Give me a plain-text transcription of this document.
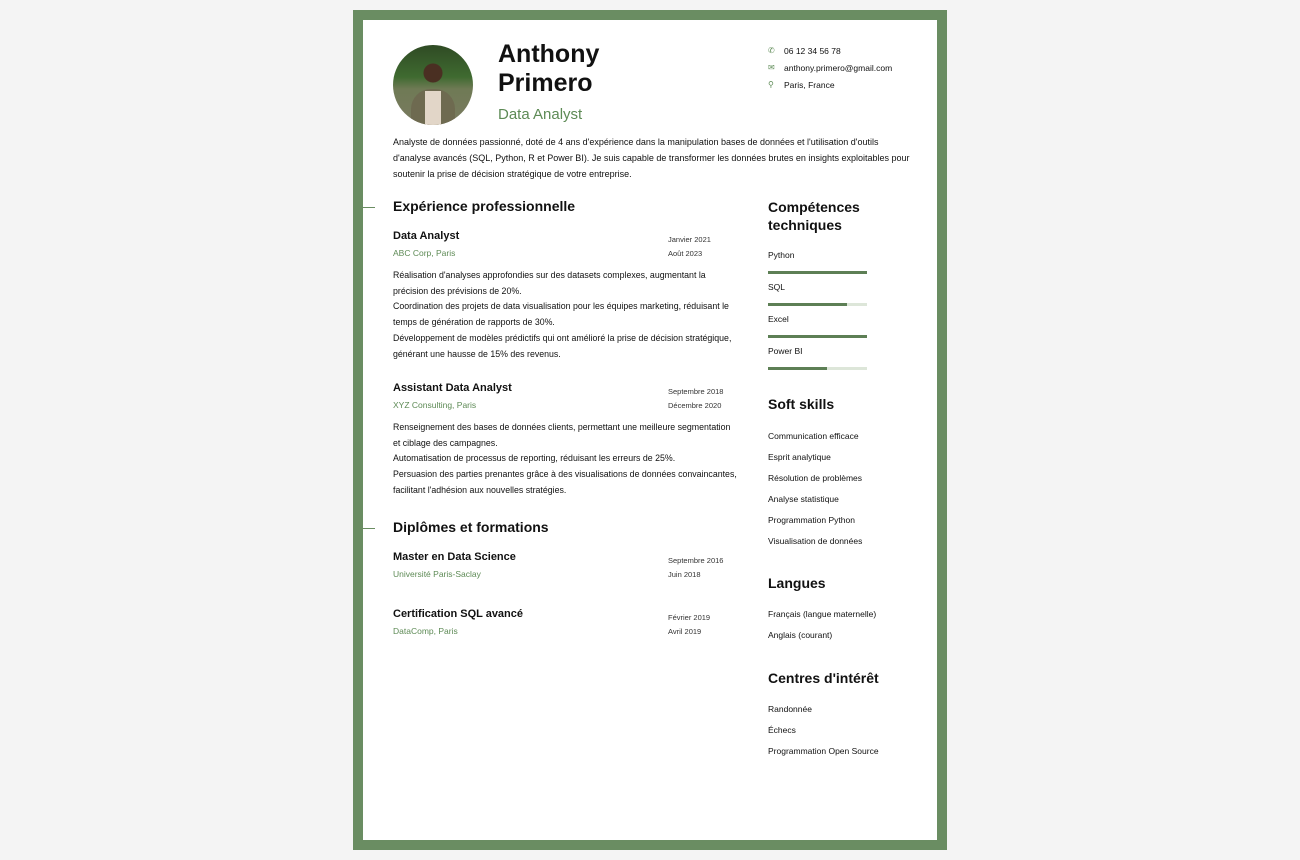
Anthony
Primero
Data Analyst
✆	06 12 34 56 78
✉	anthony.primero@gmail.com
⚲	Paris, France
Analyste de données passionné, doté de 4 ans d'expérience dans la manipulation bases de données et l'utilisation d'outils d'analyse avancés (SQL, Python, R et Power BI). Je suis capable de transformer les données brutes en insights exploitables pour soutenir la prise de décision stratégique de votre entreprise.
Expérience professionnelle
Diplômes et formations
Compétences techniques
Python
SQL
Excel
Power BI
Soft skills
Communication efficace
Esprit analytique
Résolution de problèmes
Analyse statistique
Programmation Python
Visualisation de données
Langues
Français (langue maternelle)
Anglais (courant)
Centres d'intérêt
Randonnée
Échecs
Programmation Open Source
Data Analyst
ABC Corp, Paris
Janvier 2021
Août 2023

Réalisation d'analyses approfondies sur des datasets complexes, augmentant la précision des prévisions de 20%.
Coordination des projets de data visualisation pour les équipes marketing, réduisant le temps de génération de rapports de 30%.
Développement de modèles prédictifs qui ont amélioré la prise de décision stratégique, générant une hausse de 15% des revenus.

Assistant Data Analyst
XYZ Consulting, Paris
Septembre 2018
Décembre 2020

Renseignement des bases de données clients, permettant une meilleure segmentation et ciblage des campagnes.
Automatisation de processus de reporting, réduisant les erreurs de 25%.
Persuasion des parties prenantes grâce à des visualisations de données convaincantes, facilitant l'adhésion aux nouvelles stratégies.

Master en Data Science
Université Paris-Saclay
Septembre 2016
Juin 2018
Certification SQL avancé
DataComp, Paris
Février 2019
Avril 2019
